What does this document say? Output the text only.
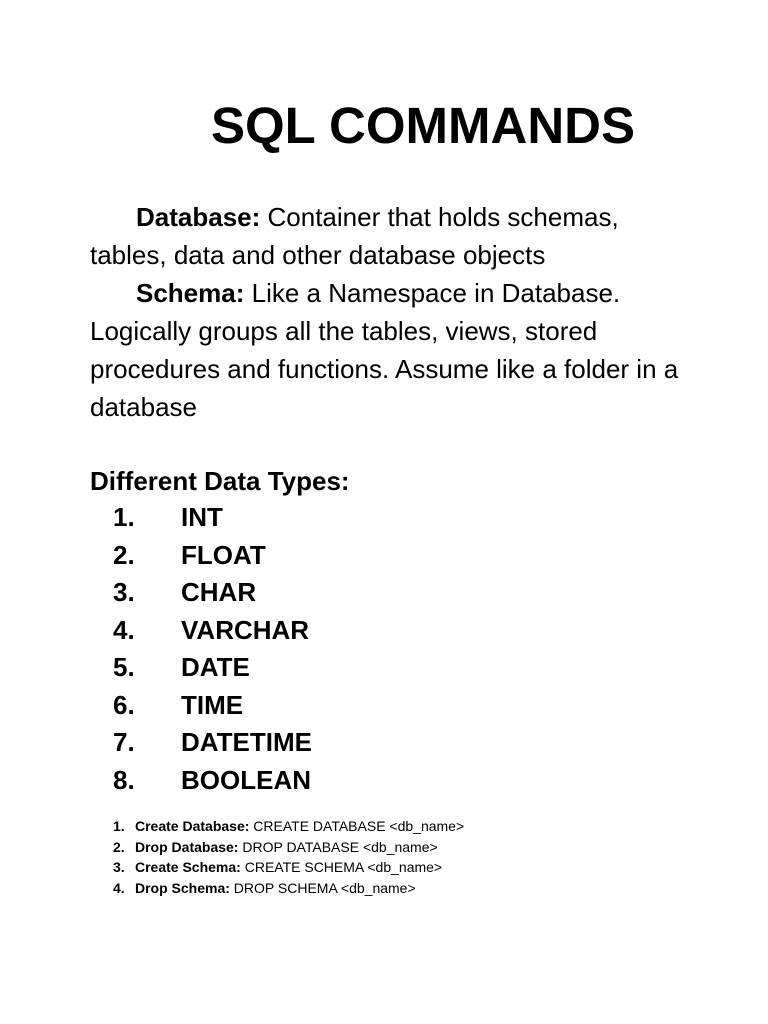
SQL COMMANDS

Database: Container that holds schemas, tables, data and other database objects

Schema: Like a Namespace in Database. Logically groups all the tables, views, stored procedures and functions. Assume like a folder in a database

Different Data Types:
1. INT
2. FLOAT
3. CHAR
4. VARCHAR
5. DATE
6. TIME
7. DATETIME
8. BOOLEAN
1. Create Database: CREATE DATABASE <db_name>
2. Drop Database: DROP DATABASE <db_name>
3. Create Schema: CREATE SCHEMA <db_name>
4. Drop Schema: DROP SCHEMA <db_name>
